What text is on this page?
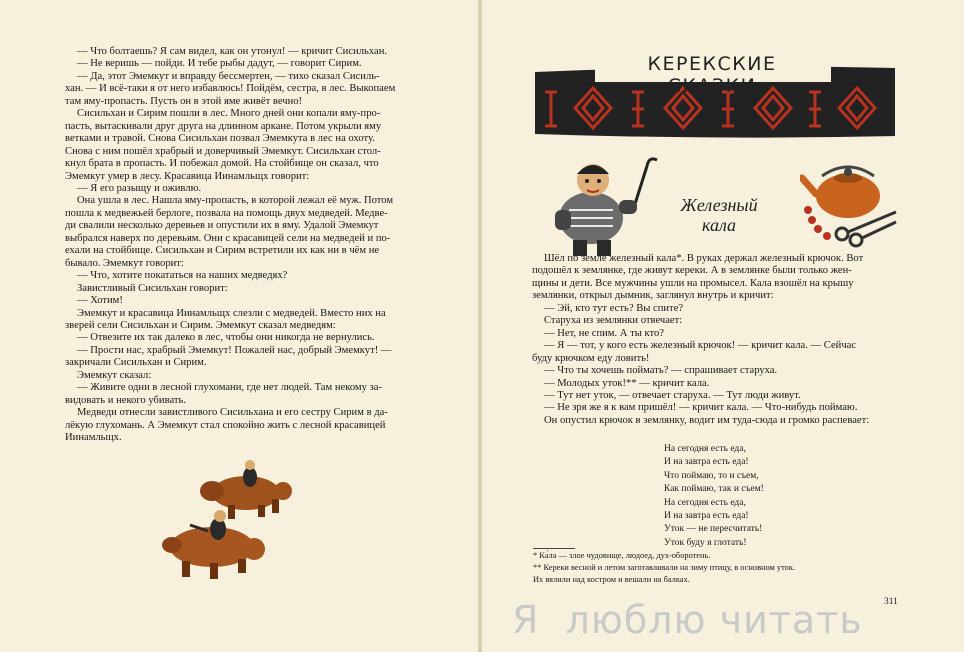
— Что болтаешь? Я сам видел, как он утонул! — кричит Сисильхан.

— Не веришь — пойди. И тебе рыбы дадут, — говорит Сирим.

— Да, этот Эмемкут и вправду бессмертен, — тихо сказал Сисиль-

хан. — И всё-таки я от него избавлюсь! Пойдём, сестра, в лес. Выкопаем

там яму-пропасть. Пусть он в этой яме живёт вечно!

Сисильхан и Сирим пошли в лес. Много дней они копали яму-про-

пасть, вытаскивали друг друга на длинном аркане. Потом укрыли яму

ветками и травой. Снова Сисильхан позвал Эмемкута в лес на охоту.

Снова с ним пошёл храбрый и доверчивый Эмемкут. Сисильхан стол-

кнул брата в пропасть. И побежал домой. На стойбище он сказал, что

Эмемкут умер в лесу. Красавица Иинамльщх говорит:

— Я его разыщу и оживлю.

Она ушла в лес. Нашла яму-пропасть, в которой лежал её муж. Потом

пошла к медвежьей берлоге, позвала на помощь двух медведей. Медве-

ди свалили несколько деревьев и опустили их в яму. Удалой Эмемкут

выбрался наверх по деревьям. Они с красавицей сели на медведей и по-

ехали на стойбище. Сисильхан и Сирим встретили их как ни в чём не

бывало. Эмемкут говорит:

— Что, хотите покататься на наших медведях?

Завистливый Сисильхан говорит:

— Хотим!

Эмемкут и красавица Иинамльщх слезли с медведей. Вместо них на

зверей сели Сисильхан и Сирим. Эмемкут сказал медведям:

— Отвезите их так далеко в лес, чтобы они никогда не вернулись.

— Прости нас, храбрый Эмемкут! Пожалей нас, добрый Эмемкут! —

закричали Сисильхан и Сирим.

Эмемкут сказал:

— Живите одни в лесной глухомани, где нет людей. Там некому за-

видовать и некого убивать.

Медведи отнесли завистливого Сисильхана и его сестру Сирим в да-

лёкую глухомань. А Эмемкут стал спокойно жить с лесной красавицей

Иинамльщх.

КЕРЕКСКИЕ СКАЗКИ
Железный
кала

Шёл по земле железный кала*. В руках держал железный крючок. Вот

подошёл к землянке, где живут кереки. А в землянке были только жен-

щины и дети. Все мужчины ушли на промысел. Кала взошёл на крышу

землянки, открыл дымник, заглянул внутрь и кричит:

— Эй, кто тут есть? Вы спите?

Старуха из землянки отвечает:

— Нет, не спим. А ты кто?

— Я — тот, у кого есть железный крючок! — кричит кала. — Сейчас

буду крючком еду ловить!

— Что ты хочешь поймать? — спрашивает старуха.

— Молодых уток!** — кричит кала.

— Тут нет уток, — отвечает старуха. — Тут люди живут.

— Не зря же я к вам пришёл! — кричит кала. — Что-нибудь поймаю.

Он опустил крючок в землянку, водит им туда-сюда и громко распевает:

На сегодня есть еда,
И на завтра есть еда!
Что поймаю, то и съем,
Как поймаю, так и съем!
На сегодня есть еда,
И на завтра есть еда!
Уток — не пересчитать!
Уток буду я глотать!
* Ка́ла — злое чудовище, людоед, дух-оборотень.
** Кереки весной и летом заготавливали на зиму птицу, в основном уток.
Их вялили над костром и вешали на балках.
311
Я  люблю читать
